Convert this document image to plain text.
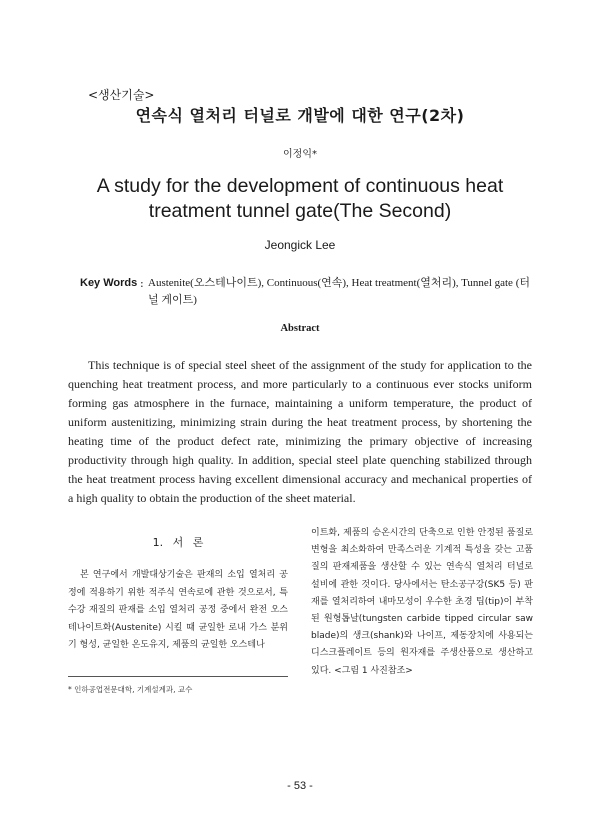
<생산기술>
연속식 열처리 터널로 개발에 대한 연구(2차)
이정익*
A study for the development of continuous heat treatment tunnel gate(The Second)
Jeongick Lee
Key Words : Austenite(오스테나이트), Continuous(연속), Heat treatment(열처리), Tunnel gate (터널 게이트)
Abstract

This technique is of special steel sheet of the assignment of the study for application to the quenching heat treatment process, and more particularly to a continuous ever stocks uniform forming gas atmosphere in the furnace, maintaining a uniform temperature, the product of uniform austenitizing, minimizing strain during the heat treatment process, by shortening the heating time of the product defect rate, minimizing the primary objective of increasing productivity through high quality. In addition, special steel plate quenching stabilized through the heat treatment process having excellent dimensional accuracy and mechanical properties of a high quality to obtain the production of the sheet material.

1. 서 론

본 연구에서 개발대상기술은 판재의 소입 열처리 공정에 적용하기 위한 적주식 연속로에 관한 것으로서, 특수강 재질의 판재를 소입 열처리 공정 중에서 완전 오스테나이트화(Austenite) 시킬 때 균일한 로내 가스 분위기 형성, 균일한 온도유지, 제품의 균일한 오스테나

이트화, 제품의 승온시간의 단축으로 인한 안정된 품질로 변형을 최소화하여 만족스러운 기계적 특성을 갖는 고품질의 판재제품을 생산할 수 있는 연속식 열처리 터널로 설비에 관한 것이다. 당사에서는 탄소공구강(SK5 등) 판재를 열처리하여 내마모성이 우수한 초경 팁(tip)이 부착된 원형톱날(tungsten carbide tipped circular saw blade)의 생크(shank)와 나이프, 제동장치에 사용되는 디스크플레이트 등의 원자재를 주생산품으로 생산하고 있다. <그림 1 사진참조>

* 인하공업전문대학, 기계설계과, 교수
- 53 -
